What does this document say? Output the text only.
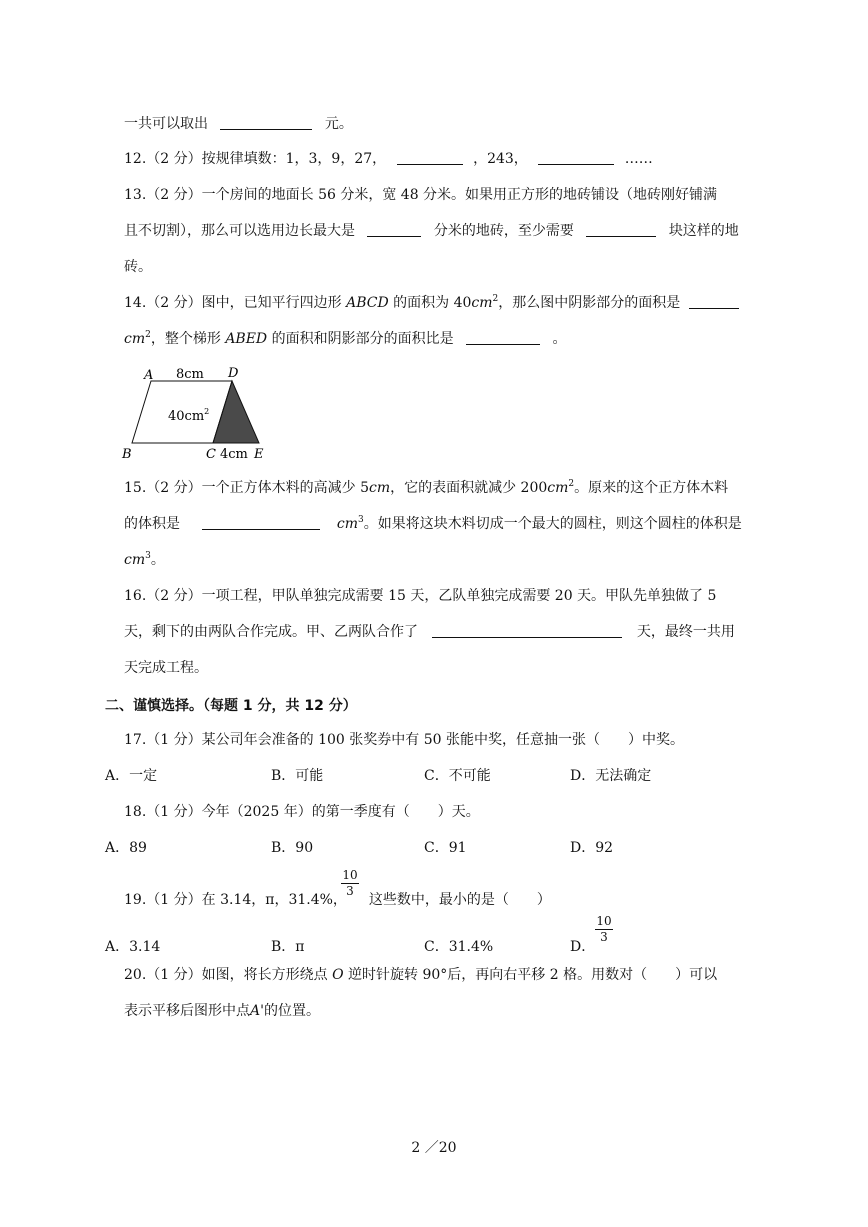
一共可以取出	元。
12.（2 分）按规律填数：1，3，9，27，	，243，	……
13.（2 分）一个房间的地面长 56 分米，宽 48 分米。如果用正方形的地砖铺设（地砖刚好铺满
且不切割），那么可以选用边长最大是	分米的地砖，至少需要	块这样的地
砖。
14.（2 分）图中，已知平行四边形 ABCD 的面积为 $40cm^2$，那么图中阴影部分的面积是
$cm^2$，整个梯形 ABED 的面积和阴影部分的面积比是	。
A 8cm D
$40cm^2$
B	C 4cm E
15.（2 分）一个正方体木料的高减少 5cm，它的表面积就减少 $200cm^2$。原来的这个正方体木料
的体积是	$cm^3$。如果将这块木料切成一个最大的圆柱，则这个圆柱的体积是
$cm^3$。
16.（2 分）一项工程，甲队单独完成需要 15 天，乙队单独完成需要 20 天。甲队先单独做了 5
天，剩下的由两队合作完成。甲、乙两队合作了	天，最终一共用
天完成工程。
二、谨慎选择。（每题 1 分，共 12 分）
17.（1 分）某公司年会准备的 100 张奖券中有 50 张能中奖，任意抽一张（　　）中奖。
A．一定	B．可能	C．不可能	D．无法确定
18.（1 分）今年（2025 年）的第一季度有（　　）天。
A．89	B．90	C．91	D．92
19.（1 分）在 3.14，π，31.4%， 这些数中，最小的是（　　）
$\frac{10}{3}$
A．3.14	B．π	C．31.4%	D．
$\frac{10}{3}$
20.（1 分）如图，将长方形绕点 O 逆时针旋转 90°后，再向右平移 2 格。用数对（　　）可以
表示平移后图形中点A'的位置。
2 ／20
